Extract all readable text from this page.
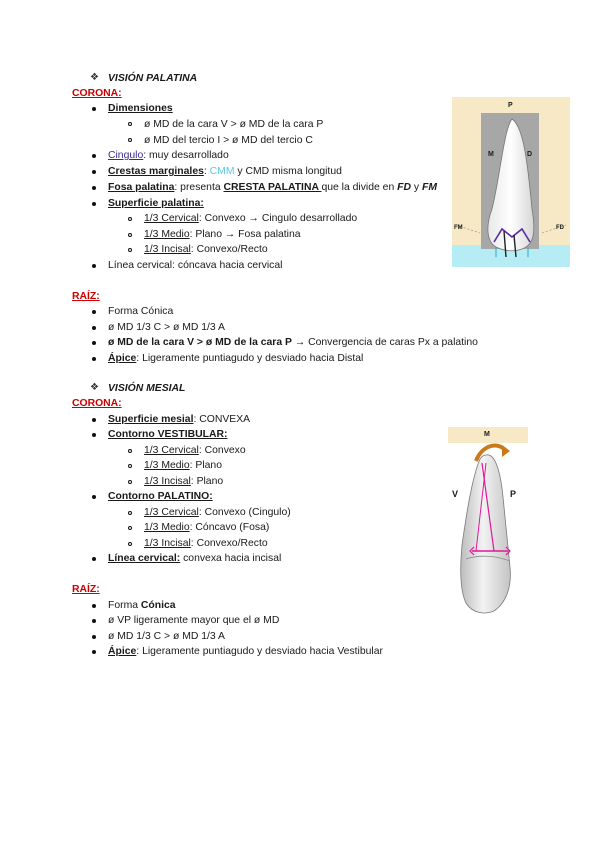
❖ VISIÓN PALATINA
CORONA:
Dimensiones
ø MD de la cara V > ø MD de la cara P
ø MD del tercio I > ø MD del tercio C
Cingulo: muy desarrollado
Crestas marginales: CMM y CMD misma longitud
Fosa palatina: presenta CRESTA PALATINA que la divide en FD y FM
Superficie palatina:
1/3 Cervical: Convexo → Cingulo desarrollado
1/3 Medio: Plano → Fosa palatina
1/3 Incisal: Convexo/Recto
Línea cervical: cóncava hacia cervical
RAÍZ:
Forma Cónica
ø MD 1/3 C > ø MD 1/3 A
ø MD de la cara V > ø MD de la cara P → Convergencia de caras Px a palatino
Ápice: Ligeramente puntiagudo y desviado hacia Distal
P
M	D
FM	FD
❖ VISIÓN MESIAL
CORONA:
Superficie mesial: CONVEXA
Contorno VESTIBULAR:
1/3 Cervical: Convexo
1/3 Medio: Plano
1/3 Incisal: Plano
Contorno PALATINO:
1/3 Cervical: Convexo (Cingulo)
1/3 Medio: Cóncavo (Fosa)
1/3 Incisal: Convexo/Recto
Línea cervical: convexa hacia incisal
RAÍZ:
Forma Cónica
ø VP ligeramente mayor que el ø MD
ø MD 1/3 C > ø MD 1/3 A
Ápice: Ligeramente puntiagudo y desviado hacia Vestibular
M
V	P
